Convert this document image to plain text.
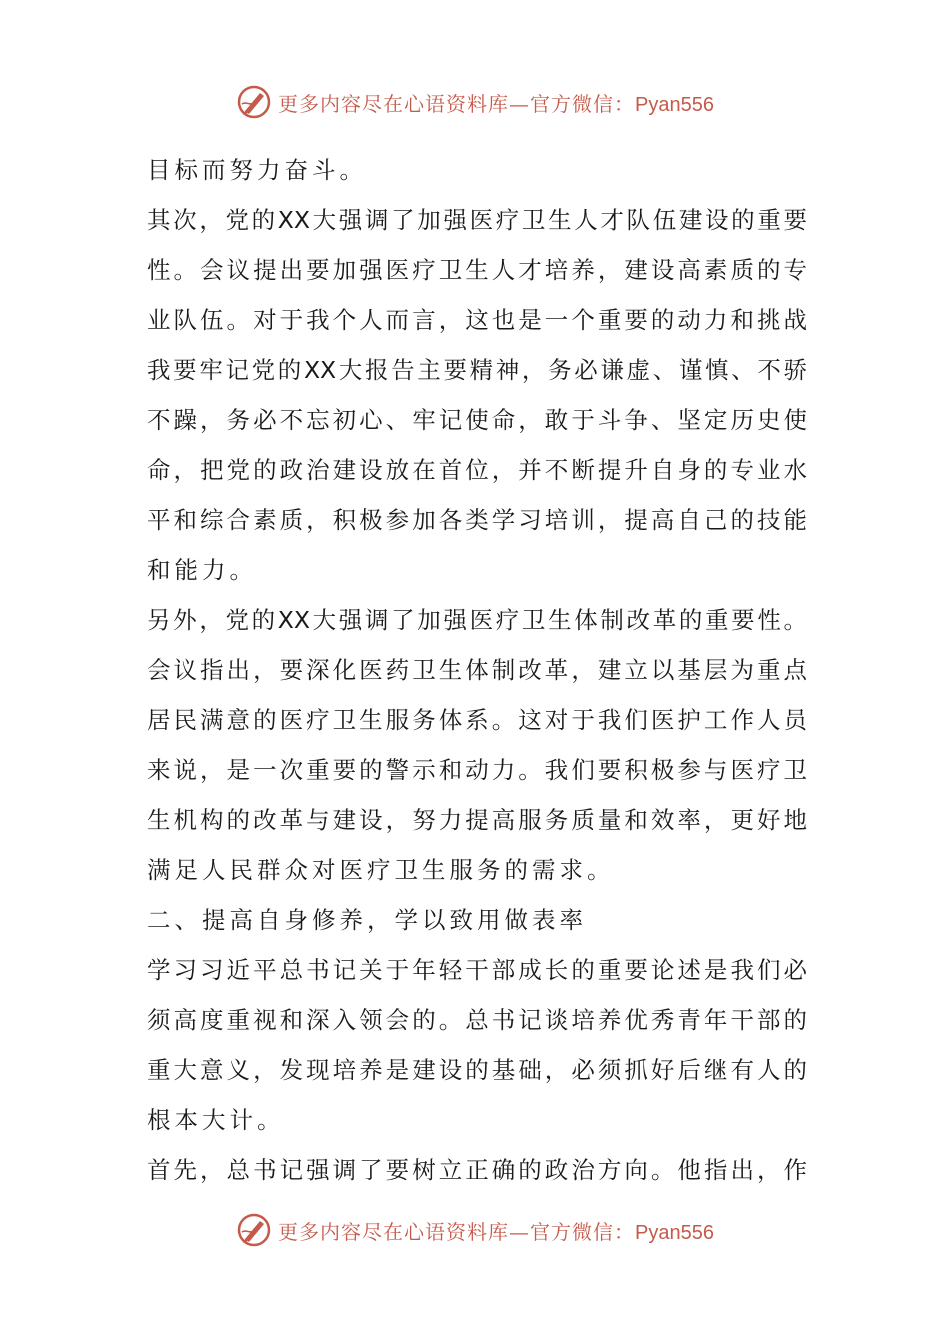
更多内容尽在心语资料库—官方微信：Pyan556
目标而努力奋斗。
其次，党的XX大强调了加强医疗卫生人才队伍建设的重要
性。会议提出要加强医疗卫生人才培养，建设高素质的专
业队伍。对于我个人而言，这也是一个重要的动力和挑战
我要牢记党的XX大报告主要精神，务必谦虚、谨慎、不骄
不躁，务必不忘初心、牢记使命，敢于斗争、坚定历史使
命，把党的政治建设放在首位，并不断提升自身的专业水
平和综合素质，积极参加各类学习培训，提高自己的技能
和能力。
另外，党的XX大强调了加强医疗卫生体制改革的重要性。
会议指出，要深化医药卫生体制改革，建立以基层为重点
居民满意的医疗卫生服务体系。这对于我们医护工作人员
来说，是一次重要的警示和动力。我们要积极参与医疗卫
生机构的改革与建设，努力提高服务质量和效率，更好地
满足人民群众对医疗卫生服务的需求。
二、提高自身修养，学以致用做表率
学习习近平总书记关于年轻干部成长的重要论述是我们必
须高度重视和深入领会的。总书记谈培养优秀青年干部的
重大意义，发现培养是建设的基础，必须抓好后继有人的
根本大计。
首先，总书记强调了要树立正确的政治方向。他指出，作
更多内容尽在心语资料库—官方微信：Pyan556
